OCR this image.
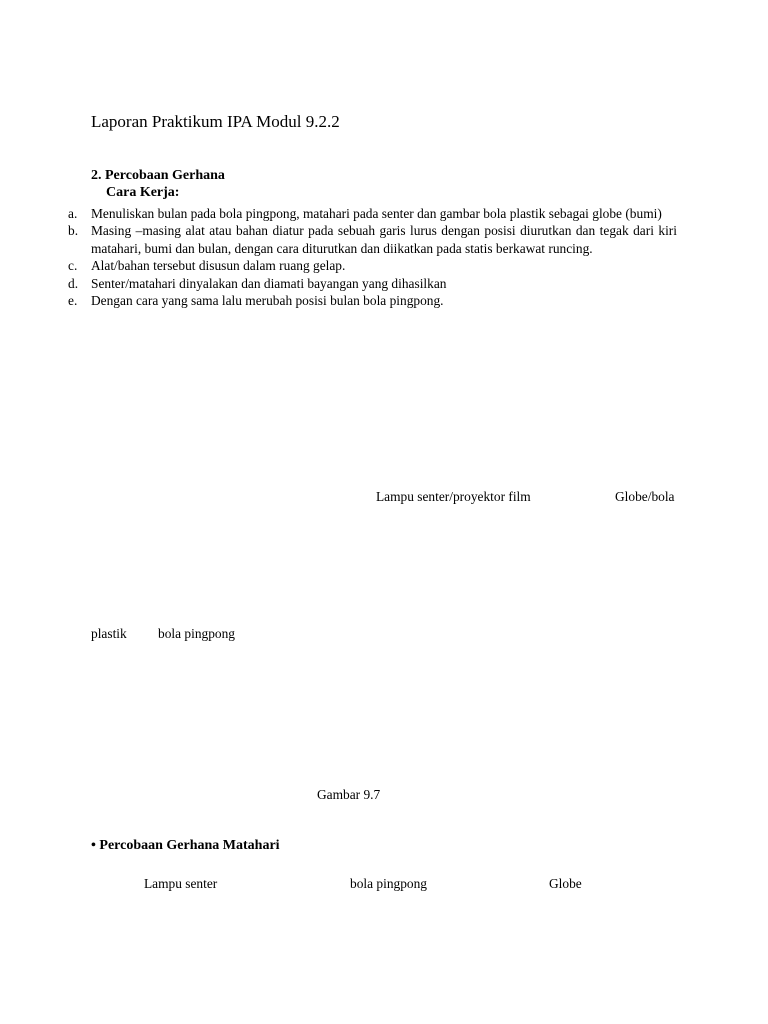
Laporan Praktikum IPA Modul 9.2.2
2. Percobaan Gerhana
Cara Kerja:
a. Menuliskan bulan pada bola pingpong, matahari pada senter dan gambar bola plastik sebagai globe (bumi)
b. Masing –masing alat atau bahan diatur pada sebuah garis lurus dengan posisi diurutkan dan tegak dari kiri matahari, bumi dan bulan, dengan cara diturutkan dan diikatkan pada statis berkawat runcing.
c. Alat/bahan tersebut disusun dalam ruang gelap.
d. Senter/matahari dinyalakan dan diamati bayangan yang dihasilkan
e. Dengan cara yang sama lalu merubah posisi bulan bola pingpong.
Lampu senter/proyektor film	Globe/bola
plastik bola pingpong
Gambar 9.7
• Percobaan Gerhana Matahari
Lampu senter	bola pingpong	Globe
